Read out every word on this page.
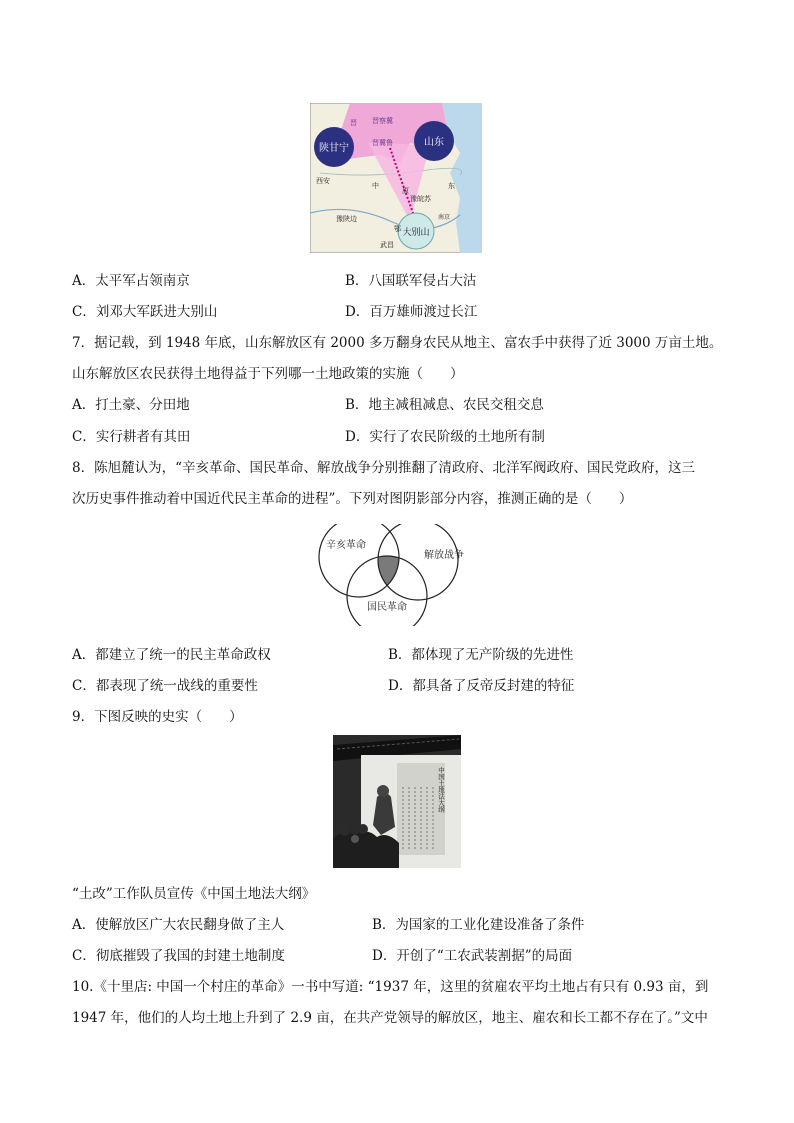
陕甘宁
山东
大别山
晋 晋察冀
晋冀鲁
西安
中
原
东
豫皖苏
豫陕边	南京
鄂
武昌
A．太平军占领南京	B．八国联军侵占大沽
C．刘邓大军跃进大别山	D．百万雄师渡过长江
7．据记载，到 1948 年底，山东解放区有 2000 多万翻身农民从地主、富农手中获得了近 3000 万亩土地。
山东解放区农民获得土地得益于下列哪一土地政策的实施（　　）
A．打土豪、分田地	B．地主减租减息、农民交租交息
C．实行耕者有其田	D．实行了农民阶级的土地所有制
8．陈旭麓认为，“辛亥革命、国民革命、解放战争分别推翻了清政府、北洋军阀政府、国民党政府，这三
次历史事件推动着中国近代民主革命的进程”。下列对图阴影部分内容，推测正确的是（　　）
辛亥革命
解放战争
国民革命
A．都建立了统一的民主革命政权	B．都体现了无产阶级的先进性
C．都表现了统一战线的重要性	D．都具备了反帝反封建的特征
9．下图反映的史实（　　）
中国土地法大纲
“土改”工作队员宣传《中国土地法大纲》
A．使解放区广大农民翻身做了主人	B．为国家的工业化建设准备了条件
C．彻底摧毁了我国的封建土地制度	D．开创了“工农武装割据”的局面
10.《十里店: 中国一个村庄的革命》一书中写道: “1937 年，这里的贫雇农平均土地占有只有 0.93 亩，到
1947 年，他们的人均土地上升到了 2.9 亩，在共产党领导的解放区，地主、雇农和长工都不存在了。”文中
